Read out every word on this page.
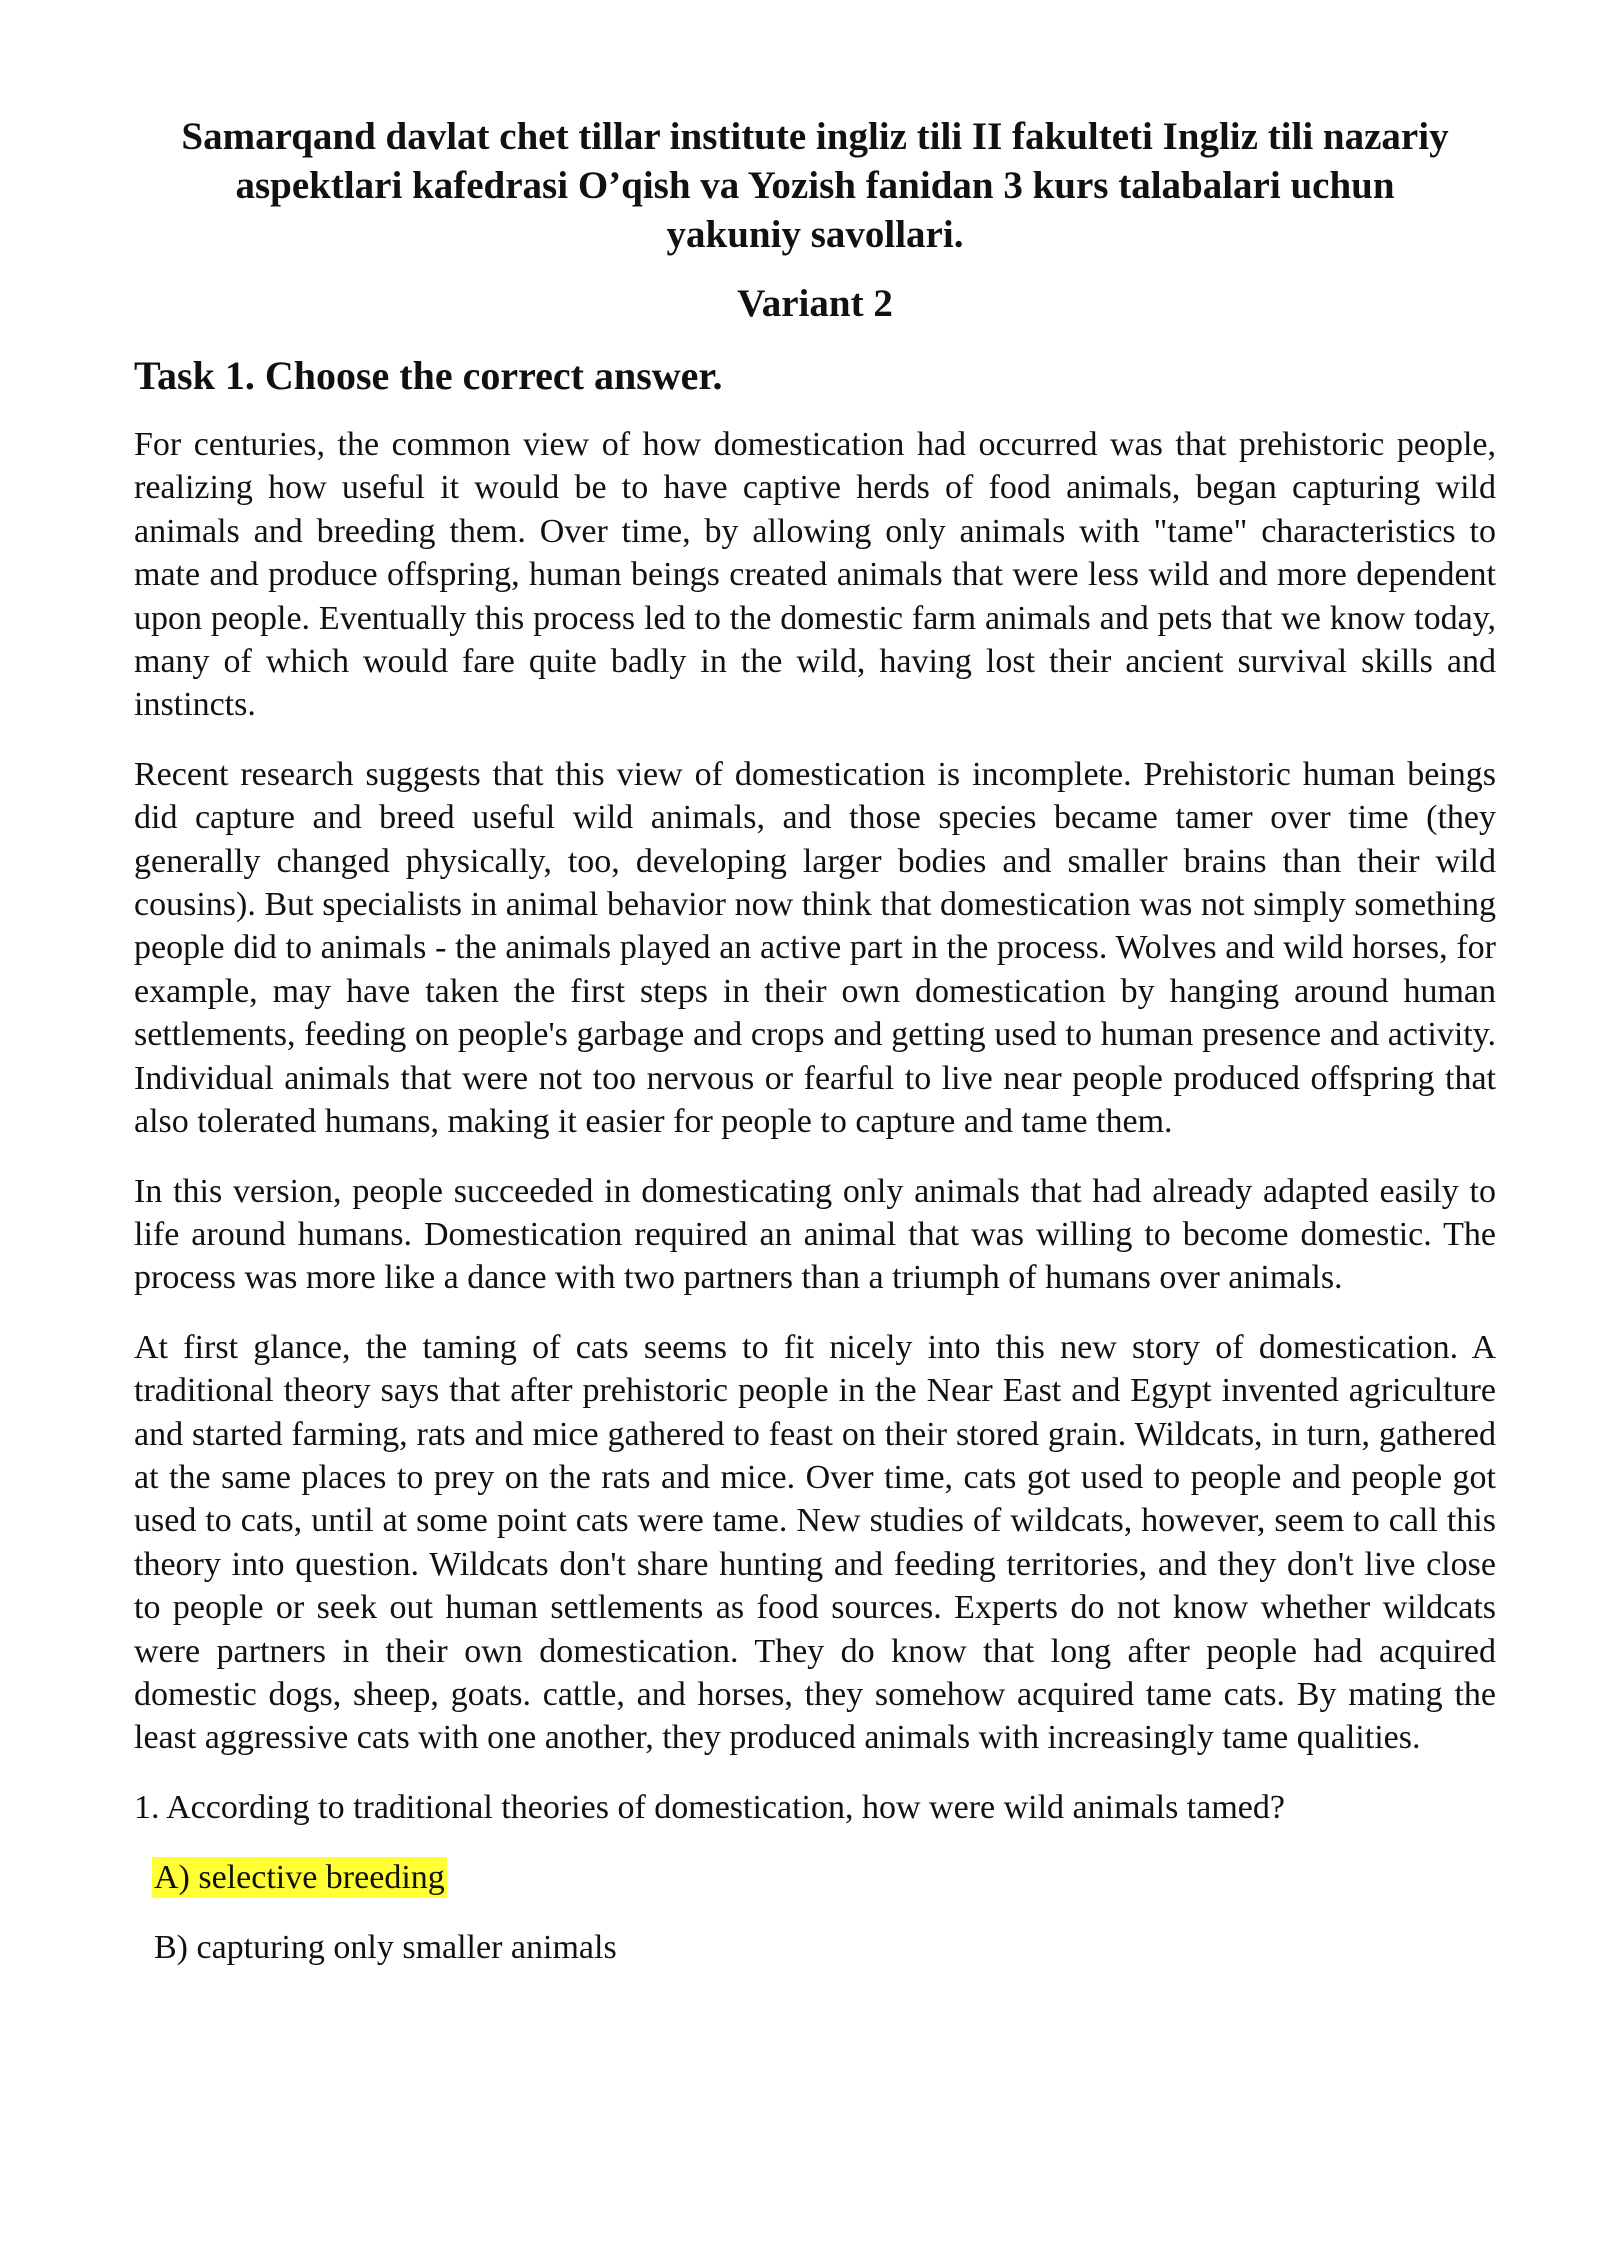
Samarqand davlat chet tillar institute ingliz tili II fakulteti Ingliz tili nazariy aspektlari kafedrasi O’qish va Yozish fanidan 3 kurs talabalari uchun yakuniy savollari.
Variant 2
Task 1. Choose the correct answer.

For centuries, the common view of how domestication had occurred was that prehistoric people, realizing how useful it would be to have captive herds of food animals, began capturing wild animals and breeding them. Over time, by allowing only animals with "tame" characteristics to mate and produce offspring, human beings created animals that were less wild and more dependent upon people. Eventually this process led to the domestic farm animals and pets that we know today, many of which would fare quite badly in the wild, having lost their ancient survival skills and instincts.

Recent research suggests that this view of domestication is incomplete. Prehistoric human beings did capture and breed useful wild animals, and those species became tamer over time (they generally changed physically, too, developing larger bodies and smaller brains than their wild cousins). But specialists in animal behavior now think that domestication was not simply something people did to animals - the animals played an active part in the process. Wolves and wild horses, for example, may have taken the first steps in their own domestication by hanging around human settlements, feeding on people's garbage and crops and getting used to human presence and activity. Individual animals that were not too nervous or fearful to live near people produced offspring that also tolerated humans, making it easier for people to capture and tame them.

In this version, people succeeded in domesticating only animals that had already adapted easily to life around humans. Domestication required an animal that was willing to become domestic. The process was more like a dance with two partners than a triumph of humans over animals.

At first glance, the taming of cats seems to fit nicely into this new story of domestication. A traditional theory says that after prehistoric people in the Near East and Egypt invented agriculture and started farming, rats and mice gathered to feast on their stored grain. Wildcats, in turn, gathered at the same places to prey on the rats and mice. Over time, cats got used to people and people got used to cats, until at some point cats were tame. New studies of wildcats, however, seem to call this theory into question. Wildcats don't share hunting and feeding territories, and they don't live close to people or seek out human settlements as food sources. Experts do not know whether wildcats were partners in their own domestication. They do know that long after people had acquired domestic dogs, sheep, goats. cattle, and horses, they somehow acquired tame cats. By mating the least aggressive cats with one another, they produced animals with increasingly tame qualities.

1. According to traditional theories of domestication, how were wild animals tamed?

A) selective breeding
B) capturing only smaller animals
